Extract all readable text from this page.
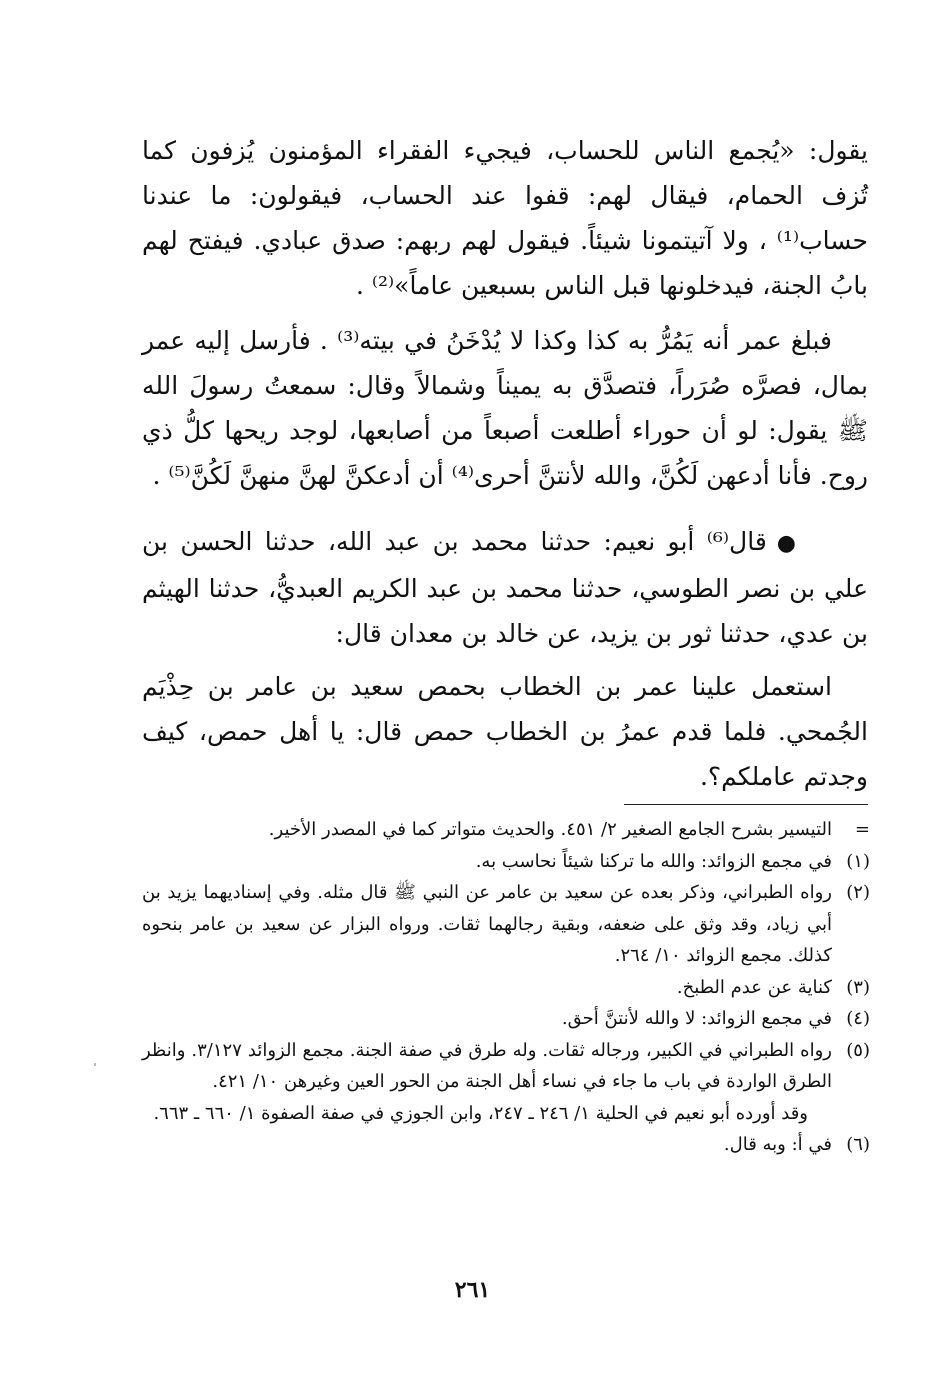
يقول: «يُجمع الناس للحساب، فيجيء الفقراء المؤمنون يُزفون كما تُزف الحمام، فيقال لهم: قفوا عند الحساب، فيقولون: ما عندنا حساب⁽¹⁾ ، ولا آتيتمونا شيئاً. فيقول لهم ربهم: صدق عبادي. فيفتح لهم بابُ الجنة، فيدخلونها قبل الناس بسبعين عاماً»⁽²⁾ .

فبلغ عمر أنه يَمُرُّ به كذا وكذا لا يُدْخَنُ في بيته⁽³⁾ . فأرسل إليه عمر بمال، فصرَّه صُرَراً، فتصدَّق به يميناً وشمالاً وقال: سمعتُ رسولَ الله ﷺ يقول: لو أن حوراء أطلعت أصبعاً من أصابعها، لوجد ريحها كلُّ ذي روح. فأنا أدعهن لَكُنَّ، والله لأنتنَّ أحرى⁽⁴⁾ أن أدعكنَّ لهنَّ منهنَّ لَكُنَّ⁽⁵⁾ .

●قال⁽⁶⁾ أبو نعيم: حدثنا محمد بن عبد الله، حدثنا الحسن بن علي بن نصر الطوسي، حدثنا محمد بن عبد الكريم العبديُّ، حدثنا الهيثم بن عدي، حدثنا ثور بن يزيد، عن خالد بن معدان قال:

استعمل علينا عمر بن الخطاب بحمص سعيد بن عامر بن حِذْيَم الجُمحي. فلما قدم عمرُ بن الخطاب حمص قال: يا أهل حمص، كيف وجدتم عاملكم؟.

=
التيسير بشرح الجامع الصغير ٢/ ٤٥١. والحديث متواتر كما في المصدر الأخير.
(١)
في مجمع الزوائد: والله ما تركنا شيئاً نحاسب به.
(٢)
رواه الطبراني، وذكر بعده عن سعيد بن عامر عن النبي ﷺ قال مثله. وفي إسناديهما يزيد بن أبي زياد، وقد وثق على ضعفه، وبقية رجالهما ثقات. ورواه البزار عن سعيد بن عامر بنحوه كذلك. مجمع الزوائد ١٠/ ٢٦٤.
(٣)
كناية عن عدم الطبخ.
(٤)
في مجمع الزوائد: لا والله لأنتنَّ أحق.
(٥)
رواه الطبراني في الكبير، ورجاله ثقات. وله طرق في صفة الجنة. مجمع الزوائد ٣/١٢٧. وانظر الطرق الواردة في باب ما جاء في نساء أهل الجنة من الحور العين وغيرهن ١٠/ ٤٢١.
وقد أورده أبو نعيم في الحلية ١/ ٢٤٦ ـ ٢٤٧، وابن الجوزي في صفة الصفوة ١/ ٦٦٠ ـ ٦٦٣.
(٦)
في أ: وبه قال.
٢٦١
